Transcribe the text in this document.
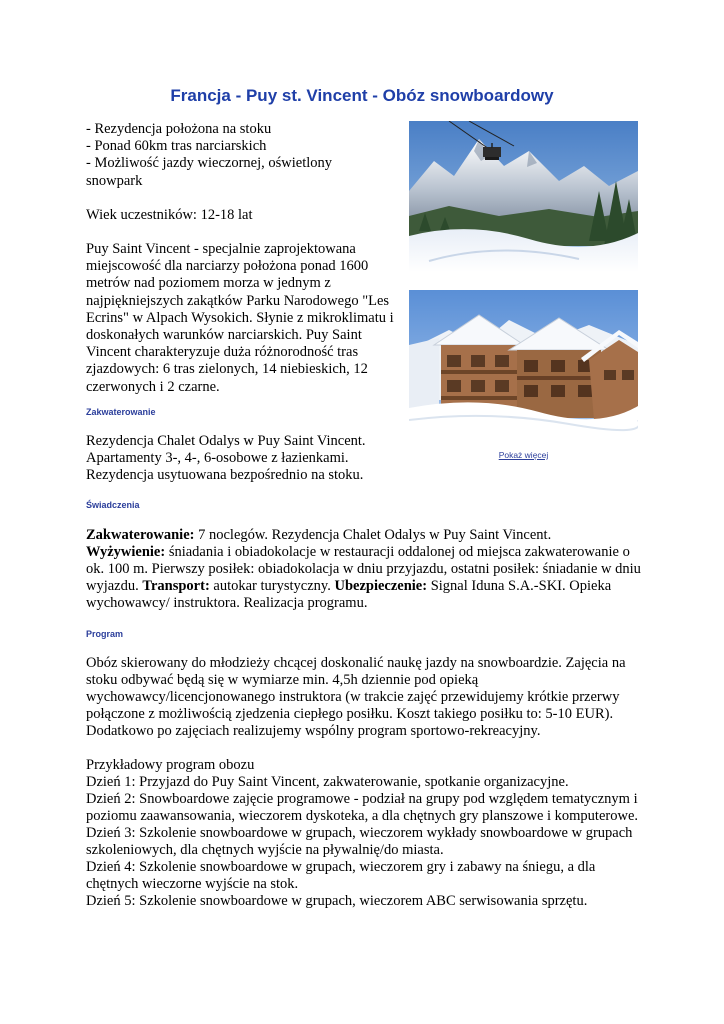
Francja - Puy st. Vincent - Obóz snowboardowy

- Rezydencja położona na stoku

- Ponad 60km tras narciarskich

- Możliwość jazdy wieczornej, oświetlony snowpark

Wiek uczestników: 12-18 lat

Puy Saint Vincent - specjalnie zaprojektowana miejscowość dla narciarzy położona ponad 1600 metrów nad poziomem morza w jednym z najpiękniejszych zakątków Parku Narodowego "Les Ecrins" w Alpach Wysokich. Słynie z mikroklimatu i doskonałych warunków narciarskich. Puy Saint Vincent charakteryzuje duża różnorodność tras zjazdowych: 6 tras zielonych, 14 niebieskich, 12 czerwonych i 2 czarne.

Pokaż więcej
Zakwaterowanie

Rezydencja Chalet Odalys w Puy Saint Vincent. Apartamenty 3-, 4-, 6-osobowe z łazienkami. Rezydencja usytuowana bezpośrednio na stoku.

Świadczenia

Zakwaterowanie: 7 noclegów. Rezydencja Chalet Odalys w Puy Saint Vincent.
Wyżywienie: śniadania i obiadokolacje w restauracji oddalonej od miejsca zakwaterowanie o ok. 100 m. Pierwszy posiłek: obiadokolacja w dniu przyjazdu, ostatni posiłek: śniadanie w dniu wyjazdu. Transport: autokar turystyczny. Ubezpieczenie: Signal Iduna S.A.-SKI. Opieka wychowawcy/ instruktora. Realizacja programu.

Program

Obóz skierowany do młodzieży chcącej doskonalić naukę jazdy na snowboardzie. Zajęcia na stoku odbywać będą się w wymiarze min. 4,5h dziennie pod opieką wychowawcy/licencjonowanego instruktora (w trakcie zajęć przewidujemy krótkie przerwy połączone z możliwością zjedzenia ciepłego posiłku. Koszt takiego posiłku to: 5-10 EUR). Dodatkowo po zajęciach realizujemy wspólny program sportowo-rekreacyjny.

Przykładowy program obozu

Dzień 1: Przyjazd do Puy Saint Vincent, zakwaterowanie, spotkanie organizacyjne.

Dzień 2: Snowboardowe zajęcie programowe - podział na grupy pod względem tematycznym i poziomu zaawansowania, wieczorem dyskoteka, a dla chętnych gry planszowe i komputerowe.

Dzień 3: Szkolenie snowboardowe w grupach, wieczorem wykłady snowboardowe w grupach szkoleniowych, dla chętnych wyjście na pływalnię/do miasta.

Dzień 4: Szkolenie snowboardowe w grupach, wieczorem gry i zabawy na śniegu, a dla chętnych wieczorne wyjście na stok.

Dzień 5: Szkolenie snowboardowe w grupach, wieczorem ABC serwisowania sprzętu.
